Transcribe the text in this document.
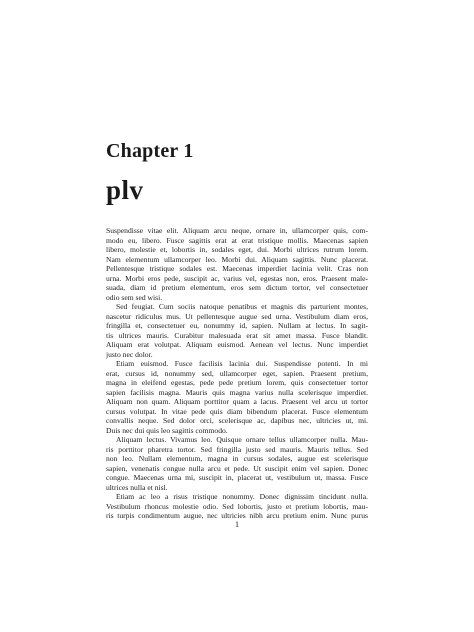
Chapter 1
plv
Suspendisse vitae elit. Aliquam arcu neque, ornare in, ullamcorper quis, com-
modo eu, libero. Fusce sagittis erat at erat tristique mollis. Maecenas sapien
libero, molestie et, lobortis in, sodales eget, dui. Morbi ultrices rutrum lorem.
Nam elementum ullamcorper leo. Morbi dui. Aliquam sagittis. Nunc placerat.
Pellentesque tristique sodales est. Maecenas imperdiet lacinia velit. Cras non
urna. Morbi eros pede, suscipit ac, varius vel, egestas non, eros. Praesent male-
suada, diam id pretium elementum, eros sem dictum tortor, vel consectetuer
odio sem sed wisi.
Sed feugiat. Cum sociis natoque penatibus et magnis dis parturient montes,
nascetur ridiculus mus. Ut pellentesque augue sed urna. Vestibulum diam eros,
fringilla et, consectetuer eu, nonummy id, sapien. Nullam at lectus. In sagit-
tis ultrices mauris. Curabitur malesuada erat sit amet massa. Fusce blandit.
Aliquam erat volutpat. Aliquam euismod. Aenean vel lectus. Nunc imperdiet
justo nec dolor.
Etiam euismod. Fusce facilisis lacinia dui. Suspendisse potenti. In mi
erat, cursus id, nonummy sed, ullamcorper eget, sapien. Praesent pretium,
magna in eleifend egestas, pede pede pretium lorem, quis consectetuer tortor
sapien facilisis magna. Mauris quis magna varius nulla scelerisque imperdiet.
Aliquam non quam. Aliquam porttitor quam a lacus. Praesent vel arcu ut tortor
cursus volutpat. In vitae pede quis diam bibendum placerat. Fusce elementum
convallis neque. Sed dolor orci, scelerisque ac, dapibus nec, ultricies ut, mi.
Duis nec dui quis leo sagittis commodo.
Aliquam lectus. Vivamus leo. Quisque ornare tellus ullamcorper nulla. Mau-
ris porttitor pharetra tortor. Sed fringilla justo sed mauris. Mauris tellus. Sed
non leo. Nullam elementum, magna in cursus sodales, augue est scelerisque
sapien, venenatis congue nulla arcu et pede. Ut suscipit enim vel sapien. Donec
congue. Maecenas urna mi, suscipit in, placerat ut, vestibulum ut, massa. Fusce
ultrices nulla et nisl.
Etiam ac leo a risus tristique nonummy. Donec dignissim tincidunt nulla.
Vestibulum rhoncus molestie odio. Sed lobortis, justo et pretium lobortis, mau-
ris turpis condimentum augue, nec ultricies nibh arcu pretium enim. Nunc purus
1
